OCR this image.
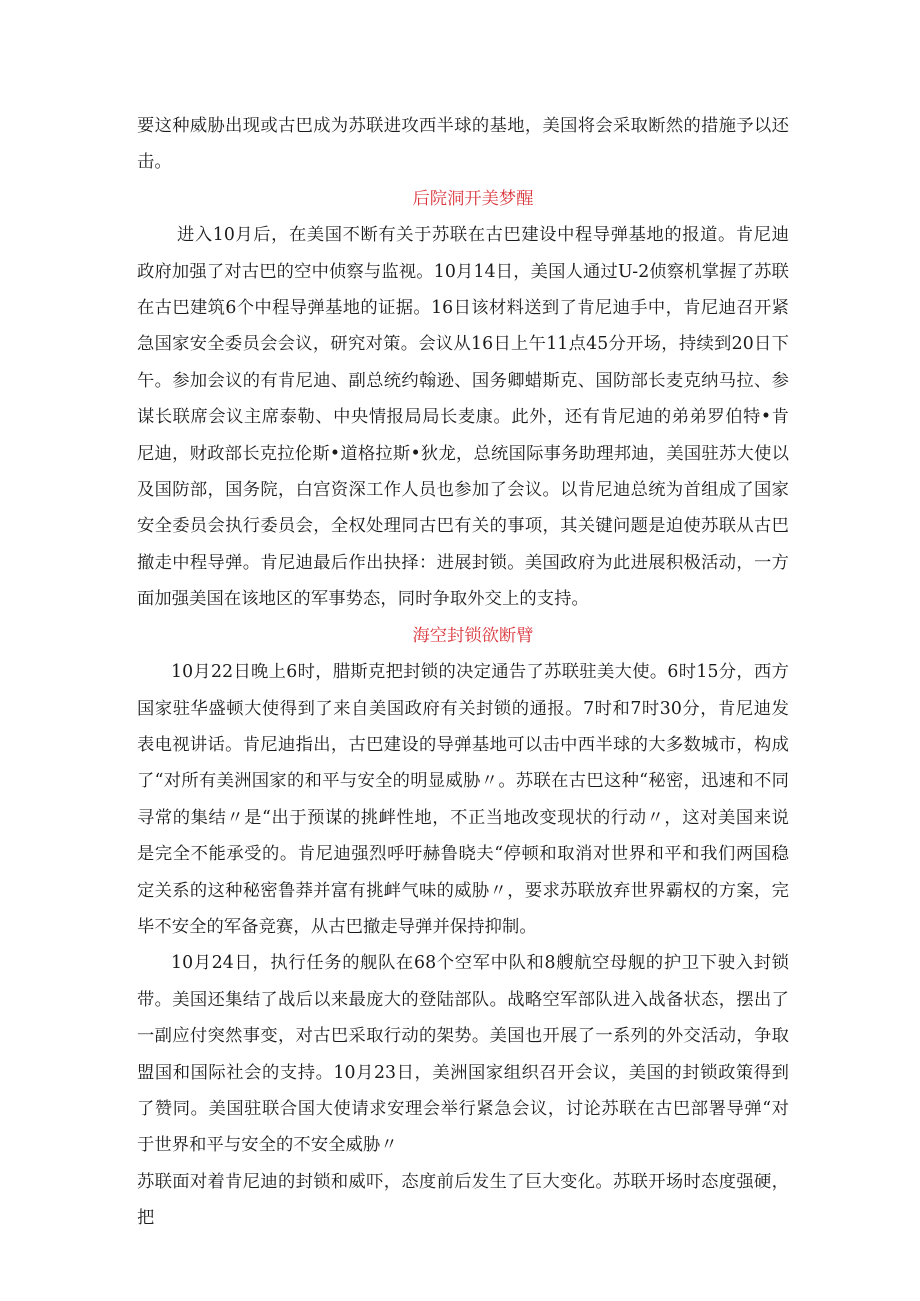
要这种威胁出现或古巴成为苏联进攻西半球的基地，美国将会采取断然的措施予以还击。

后院洞开美梦醒

进入10月后，在美国不断有关于苏联在古巴建设中程导弹基地的报道。肯尼迪政府加强了对古巴的空中侦察与监视。10月14日，美国人通过U-2侦察机掌握了苏联在古巴建筑6个中程导弹基地的证据。16日该材料送到了肯尼迪手中，肯尼迪召开紧急国家安全委员会会议，研究对策。会议从16日上午11点45分开场，持续到20日下午。参加会议的有肯尼迪、副总统约翰逊、国务卿蜡斯克、国防部长麦克纳马拉、参谋长联席会议主席泰勒、中央情报局局长麦康。此外，还有肯尼迪的弟弟罗伯特•肯尼迪，财政部长克拉伦斯•道格拉斯•狄龙，总统国际事务助理邦迪，美国驻苏大使以及国防部，国务院，白宫资深工作人员也参加了会议。以肯尼迪总统为首组成了国家安全委员会执行委员会，全权处理同古巴有关的事项，其关键问题是迫使苏联从古巴撤走中程导弹。肯尼迪最后作出抉择：进展封锁。美国政府为此进展积极活动，一方面加强美国在该地区的军事势态，同时争取外交上的支持。

海空封锁欲断臂

10月22日晚上6时，腊斯克把封锁的决定通告了苏联驻美大使。6时15分，西方国家驻华盛顿大使得到了来自美国政府有关封锁的通报。7时和7时30分，肯尼迪发表电视讲话。肯尼迪指出，古巴建设的导弹基地可以击中西半球的大多数城市，构成了“对所有美洲国家的和平与安全的明显威胁〃。苏联在古巴这种“秘密，迅速和不同寻常的集结〃是“出于预谋的挑衅性地，不正当地改变现状的行动〃，这对美国来说是完全不能承受的。肯尼迪强烈呼吁赫鲁晓夫“停顿和取消对世界和平和我们两国稳定关系的这种秘密鲁莽并富有挑衅气味的威胁〃，要求苏联放弃世界霸权的方案，完毕不安全的军备竞赛，从古巴撤走导弹并保持抑制。

10月24日，执行任务的舰队在68个空军中队和8艘航空母舰的护卫下驶入封锁带。美国还集结了战后以来最庞大的登陆部队。战略空军部队进入战备状态，摆出了一副应付突然事变，对古巴采取行动的架势。美国也开展了一系列的外交活动，争取盟国和国际社会的支持。10月23日，美洲国家组织召开会议，美国的封锁政策得到了赞同。美国驻联合国大使请求安理会举行紧急会议，讨论苏联在古巴部署导弹“对于世界和平与安全的不安全威胁〃

苏联面对着肯尼迪的封锁和威吓，态度前后发生了巨大变化。苏联开场时态度强硬，把
